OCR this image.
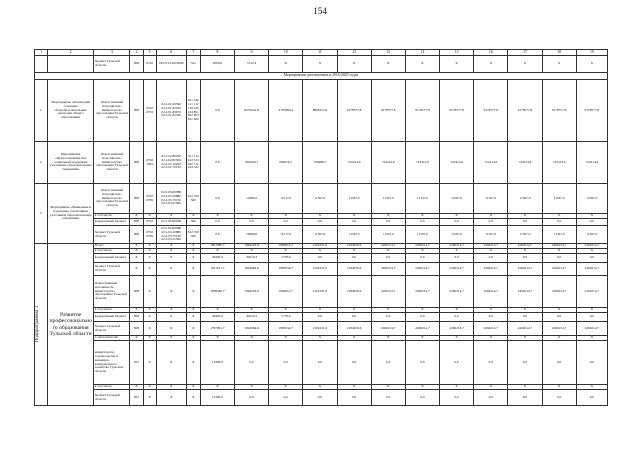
154
1	2	3	4	5	6	7	8	9	10	11	12	13	14	15	16	17	18	19
		бюджет Тульской области	808	0702	0227013 0225069	322	6500,0	5152,4	X	X	X	X	X	X	X	X	X	X
Мероприятия, реализуемые в 2016-2025 годах																		
1.	Мероприятие «Реализация основных общеобразовательных программ общего образования»	Ответственный исполнитель: министерство образования Тульской области	808	0702 0703	02.2.01.00590 02.2.01.82910 02.2.01.80670 02.2.01.82520	611 320 111 112 119 243 244 851 852 853 621 622	0,0	8279424,8	9197883,4	8806353,9	9178577,8	9178577,8	9178577,8	9178577,8	9178577,8	9178577,8	9178577,8	9178577,8
2.	Мероприятие «Предоставление мер социальной поддержки участникам образовательных отношений»	Ответственный исполнитель: министерство образования Тульской области	808	0702 1003	02.2.02.80250 02.2.02.82500 02.2.02.10250 02.2.02.70150	321 112 612 313 622 111 244 322	0,0	662906,1	694056,1	709288,7	722414,6	722414,6	722414,6	722414,6	722414,6	722414,6	722414,6	722414,6
3.	Мероприятие «Выявление и поддержка талантливых участников образовательных отношений»	Ответственный исполнитель: министерство образования Тульской области	808	0702 0709	02.2.03.R0880 02.2.03.20880 02.2.03.70150 02.2.03.21560	612 350 360	0,0	11689,6	11517,0	11567,0	11567,0	11567,0	11567,0	11567,0	11567,0	11567,0	11567,0	11567,0
		в том числе:	X	X	X	X	X	X	X	X	X	X	X	X	X	X	X	X
		федеральный бюджет	808	0702	02.2.03.R0880	360	0,0	0,0	0,0	0,0	0,0	0,0	0,0	0,0	0,0	0,0	0,0	0,0
		бюджет Тульской области	808	0702 0709	02.2.03.R0880 02.2.03.20880 02.2.03.70150 02.2.03.21560	612 350 360	0,0	10089,6	11517,0	11567,0	11567,0	11567,0	11567,0	11567,0	11567,0	11567,0	11567,0	11567,0

Подпрограмма 3	Развитие профессионального образования Тульской области	Всего:	X	X	X	X	1851080,7	1864203,9	1884812,7	2101631,0	2184939,6	2260214,7	2260214,7	2260214,7	2260214,7	2260214,7	2260214,7	2260214,7
		в том числе:	X	X	X	X	X	X	X	X	X	X	X	X	X	X	X	X
		федеральный бюджет	X	X	X	X	40495,0	39219,3	1778,0	0,0	0,0	0,0	0,0	0,0	0,0	0,0	0,0	0,0
		бюджет Тульской области	X	X	X	X	1811191,7	1824984,6	1883034,7	2101631,0	2184939,6	2260214,7	2260214,7	2260214,7	2260214,7	2260214,7	2260214,7	2260214,7
		Ответственный исполнитель: министерство образования Тульской области	808	X	X	X	1838586,7	1864203,9	1884812,7	2101631,0	2184939,6	2260214,7	2260214,7	2260214,7	2260214,7	2260214,7	2260214,7	2260214,7
		в том числе:	X	X	X	X	X	X	X	X	X	X	X	X	X	X	X	X
		федеральный бюджет	808	X	X	X	40495,0	39219,3	1778,0	0,0	0,0	0,0	0,0	0,0	0,0	0,0	0,0	0,0
		бюджет Тульской области	808	X	X	X	1797891,7	1824984,6	1883034,7	2101631,0	2184939,6	2260214,7	2260214,7	2260214,7	2260214,7	2260214,7	2260214,7	2260214,7
		Соисполнители:	X	X	X	X	X	X	X	X	X	X	X	X	X	X	X	X
		министерство строительства и жилищно-коммунального хозяйства Тульской области	827	X	X	X	13300,0	0,0	0,0	0,0	0,0	0,0	0,0	0,0	0,0	0,0	0,0	0,0
		в том числе:	X	X	X	X	X	X	X	X	X	X	X	X	X	X	X	X
		бюджет Тульской области	827	X	X	X	13300,0	0,0	0,0	0,0	0,0	0,0	0,0	0,0	0,0	0,0	0,0	0,0
